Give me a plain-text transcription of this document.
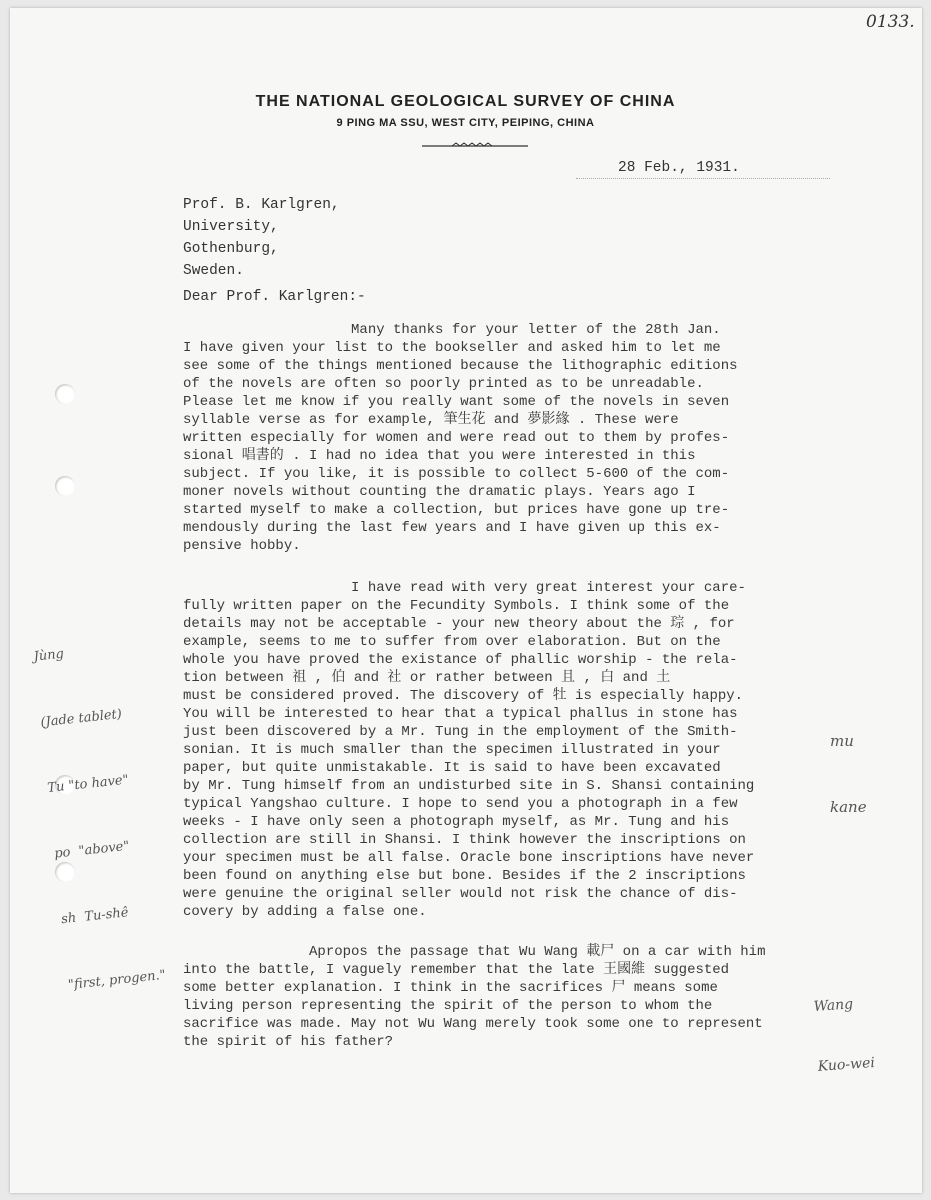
0133.
THE NATIONAL GEOLOGICAL SURVEY OF CHINA
9 PING MA SSU, WEST CITY, PEIPING, CHINA
28 Feb., 1931.
Prof. B. Karlgren,
University,
Gothenburg,
Sweden.
Dear Prof. Karlgren:-
Many thanks for your letter of the 28th Jan.
I have given your list to the bookseller and asked him to let me
see some of the things mentioned because the lithographic editions
of the novels are often so poorly printed as to be unreadable.
Please let me know if you really want some of the novels in seven
syllable verse as for example, 筆生花 and 夢影緣 . These were
written especially for women and were read out to them by profes-
sional 唱書的 . I had no idea that you were interested in this
subject. If you like, it is possible to collect 5-600 of the com-
moner novels without counting the dramatic plays. Years ago I
started myself to make a collection, but prices have gone up tre-
mendously during the last few years and I have given up this ex-
pensive hobby.
I have read with very great interest your care-
fully written paper on the Fecundity Symbols. I think some of the
details may not be acceptable - your new theory about the 琮 , for
example, seems to me to suffer from over elaboration. But on the
whole you have proved the existance of phallic worship - the rela-
tion between 祖 , 伯 and 社 or rather between 且 , 白 and 土
must be considered proved. The discovery of 牡 is especially happy.
You will be interested to hear that a typical phallus in stone has
just been discovered by a Mr. Tung in the employment of the Smith-
sonian. It is much smaller than the specimen illustrated in your
paper, but quite unmistakable. It is said to have been excavated
by Mr. Tung himself from an undisturbed site in S. Shansi containing
typical Yangshao culture. I hope to send you a photograph in a few
weeks - I have only seen a photograph myself, as Mr. Tung and his
collection are still in Shansi. I think however the inscriptions on
your specimen must be all false. Oracle bone inscriptions have never
been found on anything else but bone. Besides if the 2 inscriptions
were genuine the original seller would not risk the chance of dis-
covery by adding a false one.
Apropos the passage that Wu Wang 載尸 on a car with him
into the battle, I vaguely remember that the late 王國維 suggested
some better explanation. I think in the sacrifices 尸 means some
living person representing the spirit of the person to whom the
sacrifice was made. May not Wu Wang merely took some one to represent
the spirit of his father?

Jùng

(Jade tablet)

Tu "to have"

po  "above"

sh  Tu-shê

"first, progen."

mu

kane

Wang

Kuo-wei
